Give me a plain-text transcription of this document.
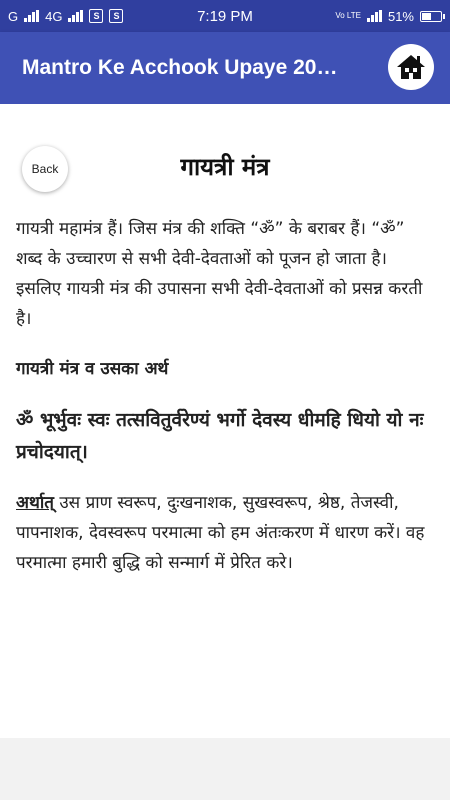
G 4G	S	S	7:19 PM	Vo LTE 51%
Mantro Ke Acchook Upaye 20…
Back	गायत्री मंत्र

गायत्री महामंत्र हैं। जिस मंत्र की शक्ति “ॐ” के बराबर हैं। “ॐ” शब्द के उच्चारण से सभी देवी-देवताओं को पूजन हो जाता है। इसलिए गायत्री मंत्र की उपासना सभी देवी-देवताओं को प्रसन्न करती है।

गायत्री मंत्र व उसका अर्थ

ॐ भूर्भुवः स्वः तत्सवितुर्वरेण्यं भर्गो देवस्य धीमहि धियो यो नः प्रचोदयात्।

अर्थात् उस प्राण स्वरूप, दुःखनाशक, सुखस्वरूप, श्रेष्ठ, तेजस्वी, पापनाशक, देवस्वरूप परमात्मा को हम अंतःकरण में धारण करें। वह परमात्मा हमारी बुद्धि को सन्मार्ग में प्रेरित करे।
